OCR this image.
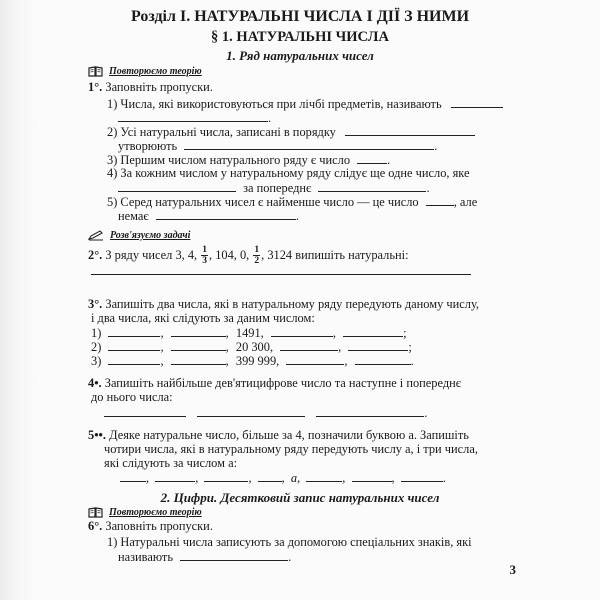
Розділ І. НАТУРАЛЬНІ ЧИСЛА І ДІЇ З НИМИ
§ 1. НАТУРАЛЬНІ ЧИСЛА
1. Ряд натуральних чисел
Повторюємо теорію
1°. Заповніть пропуски.
1) Числа, які використовуються при лічбі предметів, називають
.
2) Усі натуральні числа, записані в порядку
утворюють	.
3) Першим числом натурального ряду є число	.
4) За кожним числом у натуральному ряду слідує ще одне число, яке
за попереднє	.
5) Серед натуральних чисел є найменше число — це число	, але
немає	.
Розв'язуємо задачі
2°.
З ряду чисел 3, 4,
$\frac{1}{3}$ , 104, 0,
$\frac{1}{2}$ , 3124 випишіть натуральні:
3°. Запишіть два числа, які в натуральному ряду передують даному числу,
і два числа, які слідують за даним числом:
1)	,	, 1491,	,	;
2)	,	, 20 300,	,	;
3)	,	, 399 999,	,	.
4•. Запишіть найбільше дев'ятицифрове число та наступне і попереднє
до нього числа:
.
5••. Деяке натуральне число, більше за 4, позначили буквою a. Запишіть
чотири числа, які в натуральному ряду передують числу a, і три числа,
які слідують за числом a:
,	,	, , a,	,	,	.
2. Цифри. Десятковий запис натуральних чисел
Повторюємо теорію
6°. Заповніть пропуски.
1) Натуральні числа записують за допомогою спеціальних знаків, які
називають	.
3
